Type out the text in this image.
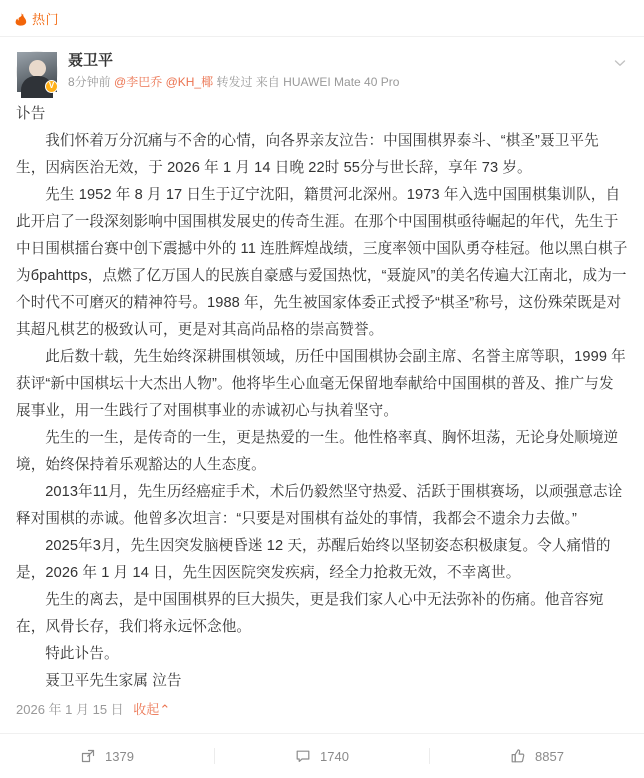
热门
V
聂卫平
8分钟前 @李巴乔 @KH_椰 转发过 来自 HUAWEI Mate 40 Pro

讣告

我们怀着万分沉痛与不舍的心情，向各界亲友泣告：中国围棋界泰斗、“棋圣”聂卫平先生，因病医治无效，于 2026 年 1 月 14 日晚 22时 55分与世长辞，享年 73 岁。

先生 1952 年 8 月 17 日生于辽宁沈阳，籍贯河北深州。1973 年入选中国围棋集训队，自此开启了一段深刻影响中国围棋发展史的传奇生涯。在那个中国围棋亟待崛起的年代，先生于中日围棋擂台赛中创下震撼中外的 11 连胜辉煌战绩，三度率领中国队勇夺桂冠。他以黑白棋子为браhttps，点燃了亿万国人的民族自豪感与爱国热忱，“聂旋风”的美名传遍大江南北，成为一个时代不可磨灭的精神符号。1988 年，先生被国家体委正式授予“棋圣”称号，这份殊荣既是对其超凡棋艺的极致认可，更是对其高尚品格的崇高赞誉。

此后数十载，先生始终深耕围棋领域，历任中国围棋协会副主席、名誉主席等职，1999 年获评“新中国棋坛十大杰出人物”。他将毕生心血毫无保留地奉献给中国围棋的普及、推广与发展事业，用一生践行了对围棋事业的赤诚初心与执着坚守。

先生的一生，是传奇的一生，更是热爱的一生。他性格率真、胸怀坦荡，无论身处顺境逆境，始终保持着乐观豁达的人生态度。

2013年11月，先生历经癌症手术，术后仍毅然坚守热爱、活跃于围棋赛场，以顽强意志诠释对围棋的赤诚。他曾多次坦言：“只要是对围棋有益处的事情，我都会不遗余力去做。”

2025年3月，先生因突发脑梗昏迷 12 天，苏醒后始终以坚韧姿态积极康复。令人痛惜的是，2026 年 1 月 14 日，先生因医院突发疾病，经全力抢救无效，不幸离世。

先生的离去，是中国围棋界的巨大损失，更是我们家人心中无法弥补的伤痛。他音容宛在，风骨长存，我们将永远怀念他。

特此讣告。

聂卫平先生家属 泣告

2026 年 1 月 15 日 收起⌃
1379	1740	8857
